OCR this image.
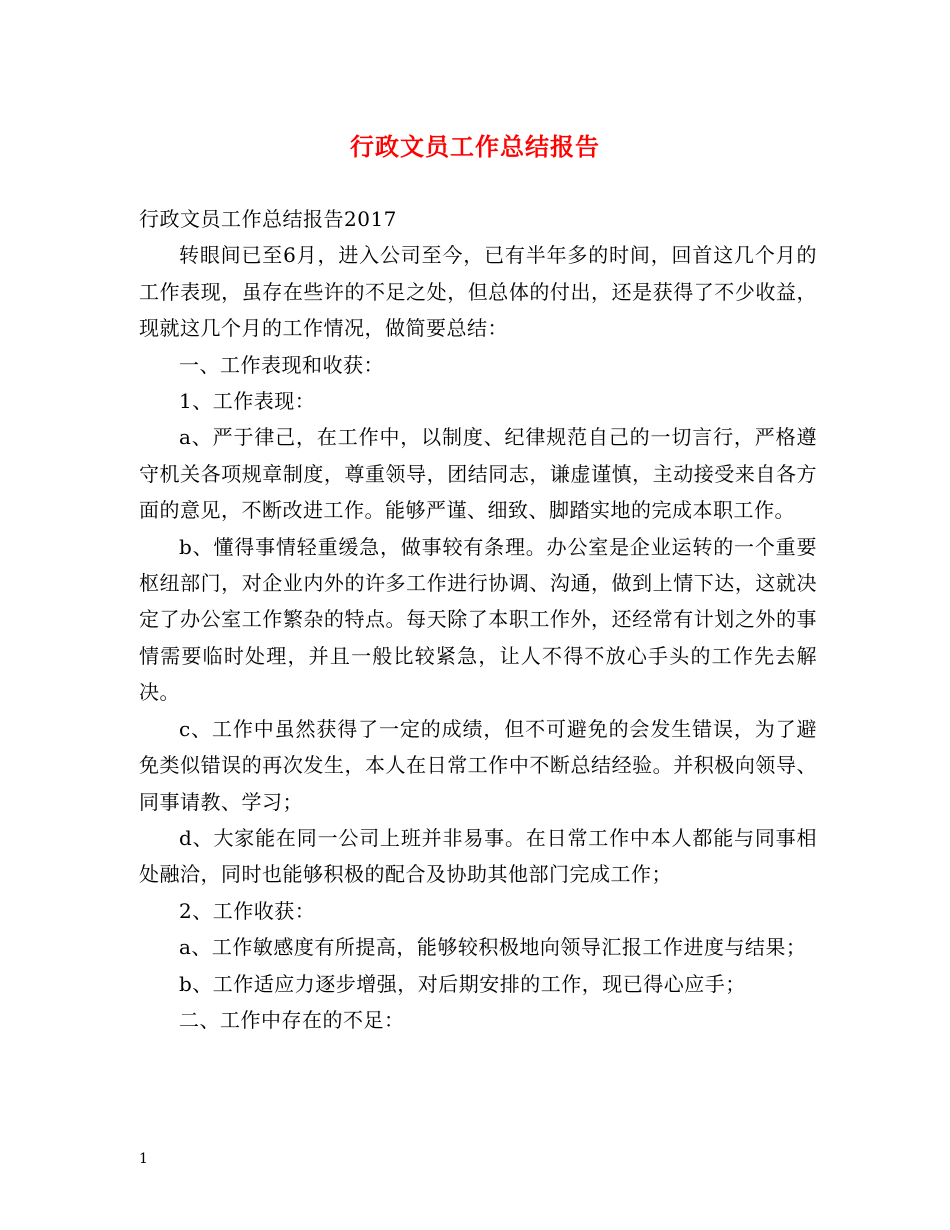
行政文员工作总结报告

行政文员工作总结报告2017

转眼间已至6月，进入公司至今，已有半年多的时间，回首这几个月的工作表现，虽存在些许的不足之处，但总体的付出，还是获得了不少收益，现就这几个月的工作情况，做简要总结：

一、工作表现和收获：

1、工作表现：

a、严于律己，在工作中，以制度、纪律规范自己的一切言行，严格遵守机关各项规章制度，尊重领导，团结同志，谦虚谨慎，主动接受来自各方面的意见，不断改进工作。能够严谨、细致、脚踏实地的完成本职工作。

b、懂得事情轻重缓急，做事较有条理。办公室是企业运转的一个重要枢纽部门，对企业内外的许多工作进行协调、沟通，做到上情下达，这就决定了办公室工作繁杂的特点。每天除了本职工作外，还经常有计划之外的事情需要临时处理，并且一般比较紧急，让人不得不放心手头的工作先去解决。

c、工作中虽然获得了一定的成绩，但不可避免的会发生错误，为了避免类似错误的再次发生，本人在日常工作中不断总结经验。并积极向领导、同事请教、学习；

d、大家能在同一公司上班并非易事。在日常工作中本人都能与同事相处融洽，同时也能够积极的配合及协助其他部门完成工作；

2、工作收获：

a、工作敏感度有所提高，能够较积极地向领导汇报工作进度与结果；

b、工作适应力逐步增强，对后期安排的工作，现已得心应手；

二、工作中存在的不足：

1
